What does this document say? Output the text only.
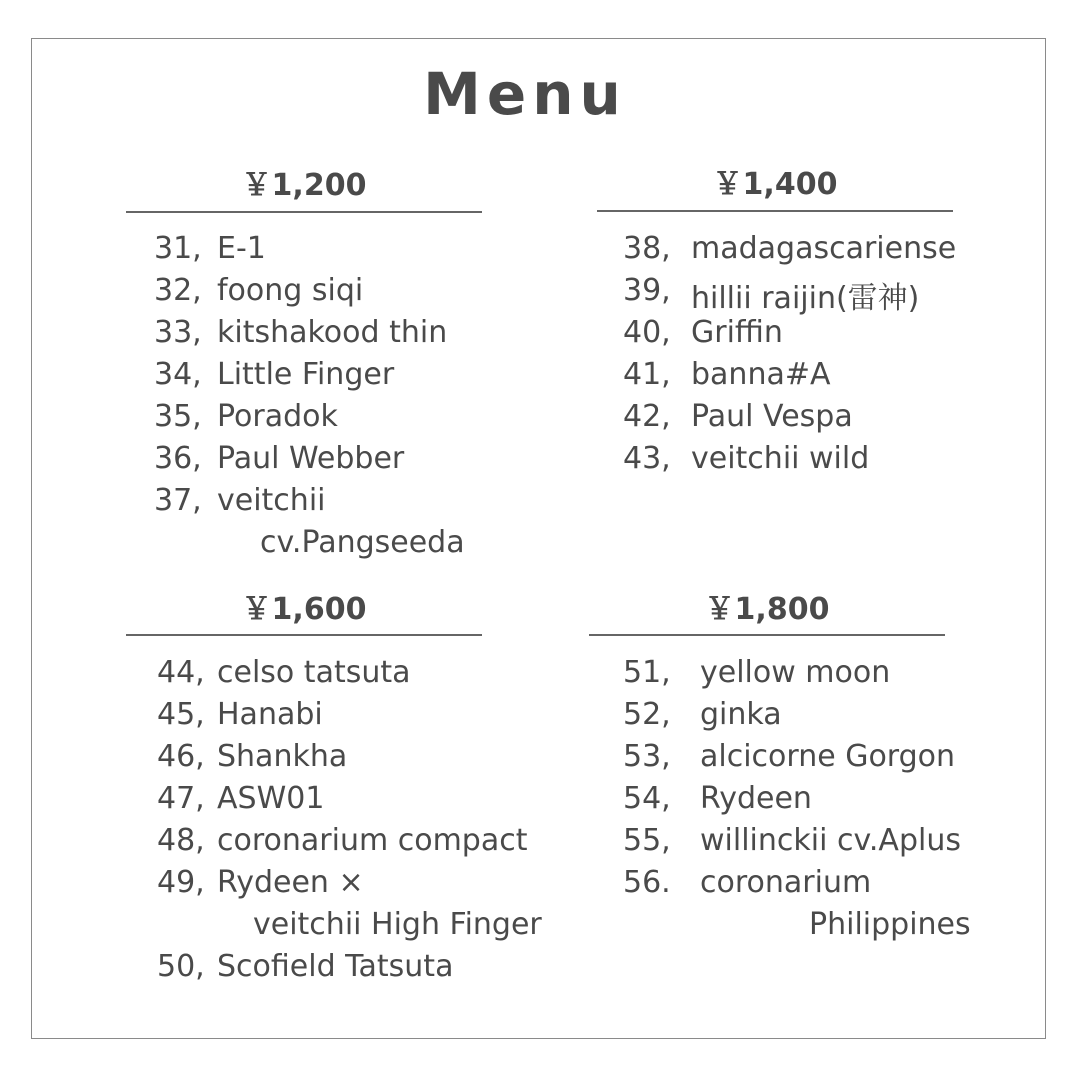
Menu
￥1,200
31, E-1
32, foong siqi
33, kitshakood thin
34, Little Finger
35, Poradok
36, Paul Webber
37, veitchii
cv.Pangseeda
￥1,400
38, madagascariense
39, hillii raijin(雷神)
40, Griffin
41, banna#A
42, Paul Vespa
43, veitchii wild
￥1,600
44, celso tatsuta
45, Hanabi
46, Shankha
47, ASW01
48, coronarium compact
49, Rydeen ×
veitchii High Finger
50, Scofield Tatsuta
￥1,800
51, yellow moon
52, ginka
53, alcicorne Gorgon
54, Rydeen
55, willinckii cv.Aplus
56. coronarium
Philippines
